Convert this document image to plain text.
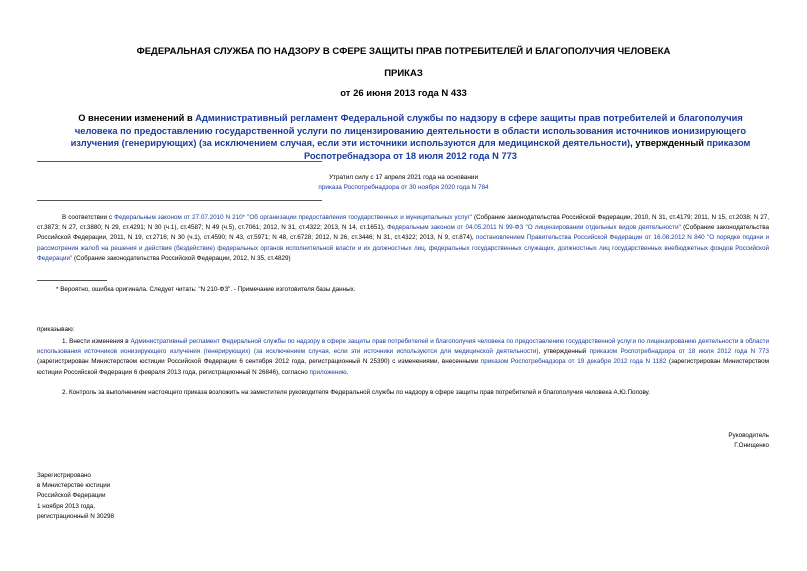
ФЕДЕРАЛЬНАЯ СЛУЖБА ПО НАДЗОРУ В СФЕРЕ ЗАЩИТЫ ПРАВ ПОТРЕБИТЕЛЕЙ И БЛАГОПОЛУЧИЯ ЧЕЛОВЕКА
ПРИКАЗ
от 26 июня 2013 года N 433
О внесении изменений в Административный регламент Федеральной службы по надзору в сфере защиты прав потребителей и благополучия человека по предоставлению государственной услуги по лицензированию деятельности в области использования источников ионизирующего излучения (генерирующих) (за исключением случая, если эти источники используются для медицинской деятельности), утвержденный приказом Роспотребнадзора от 18 июля 2012 года N 773
Утратил силу с 17 апреля 2021 года на основании
приказа Роспотребнадзора от 30 ноября 2020 года N 784
В соответствии с Федеральным законом от 27.07.2010 N 210* "Об организации предоставления государственных и муниципальных услуг" (Собрание законодательства Российской Федерации, 2010, N 31, ст.4179; 2011, N 15, ст.2038; N 27, ст.3873; N 27, ст.3880; N 29, ст.4291; N 30 (ч.1), ст.4587; N 49 (ч.5), ст.7061; 2012, N 31, ст.4322; 2013, N 14, ст.1651), Федеральным законом от 04.05.2011 N 99-ФЗ "О лицензировании отдельных видов деятельности" (Собрание законодательства Российской Федерации, 2011, N 19, ст.2716; N 30 (ч.1), ст.4590; N 43, ст.5971; N 48, ст.6728; 2012, N 26, ст.3446; N 31, ст.4322; 2013, N 9, ст.874), постановлением Правительства Российской Федерации от 16.08.2012 N 840 "О порядке подачи и рассмотрения жалоб на решения и действия (бездействие) федеральных органов исполнительной власти и их должностных лиц, федеральных государственных служащих, должностных лиц государственных внебюджетных фондов Российской Федерации" (Собрание законодательства Российской Федерации, 2012, N 35, ст.4829)
* Вероятно, ошибка оригинала. Следует читать: "N 210-ФЗ". - Примечание изготовителя базы данных.
приказываю:
1. Внести изменения в Административный регламент Федеральной службы по надзору в сфере защиты прав потребителей и благополучия человека по предоставлению государственной услуги по лицензированию деятельности в области использования источников ионизирующего излучения (генерирующих) (за исключением случая, если эти источники используются для медицинской деятельности), утвержденный приказом Роспотребнадзора от 18 июля 2012 года N 773 (зарегистрирован Министерством юстиции Российской Федерации 6 сентября 2012 года, регистрационный N 25390) с изменениями, внесенными приказом Роспотребнадзора от 19 декабря 2012 года N 1182 (зарегистрирован Министерством юстиции Российской Федерации 6 февраля 2013 года, регистрационный N 26846), согласно приложению.
2. Контроль за выполнением настоящего приказа возложить на заместителя руководителя Федеральной службы по надзору в сфере защиты прав потребителей и благополучия человека А.Ю.Попову.
Руководитель
Г.Онищенко
Зарегистрировано
в Министерстве юстиции
Российской Федерации
1 ноября 2013 года,
регистрационный N 30298
